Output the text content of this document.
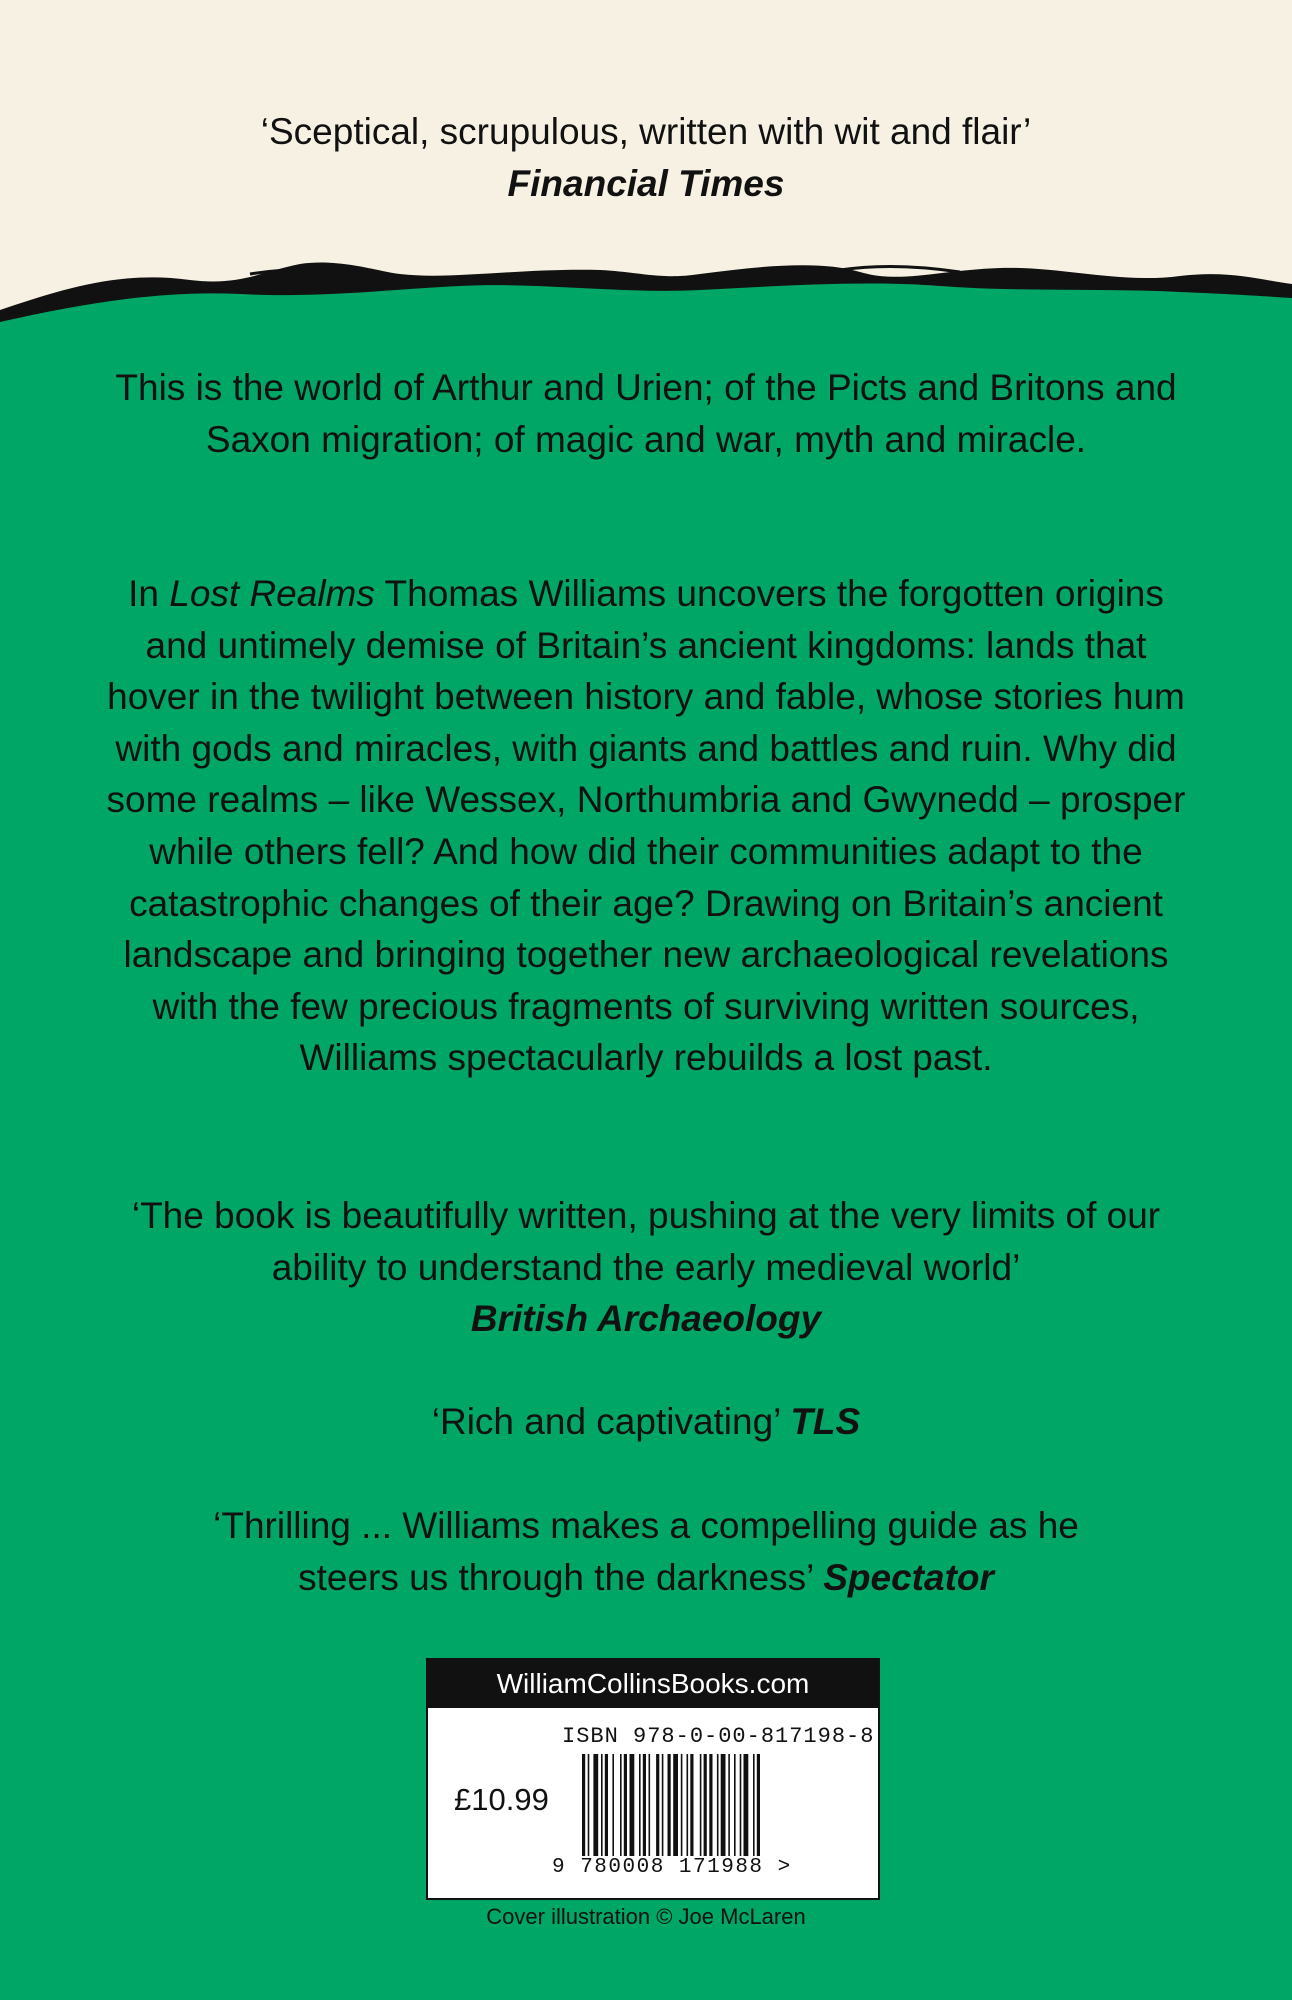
‘Sceptical, scrupulous, written with wit and flair’
Financial Times
This is the world of Arthur and Urien; of the Picts and Britons and Saxon migration; of magic and war, myth and miracle.
In Lost Realms Thomas Williams uncovers the forgotten origins and untimely demise of Britain’s ancient kingdoms: lands that hover in the twilight between history and fable, whose stories hum with gods and miracles, with giants and battles and ruin. Why did some realms – like Wessex, Northumbria and Gwynedd – prosper while others fell? And how did their communities adapt to the catastrophic changes of their age? Drawing on Britain’s ancient landscape and bringing together new archaeological revelations with the few precious fragments of surviving written sources, Williams spectacularly rebuilds a lost past.
‘The book is beautifully written, pushing at the very limits of our ability to understand the early medieval world’
British Archaeology
‘Rich and captivating’ TLS
‘Thrilling ... Williams makes a compelling guide as he steers us through the darkness’ Spectator
WilliamCollinsBooks.com
ISBN 978-0-00-817198-8
£10.99
9 780008 171988 >
Cover illustration © Joe McLaren
